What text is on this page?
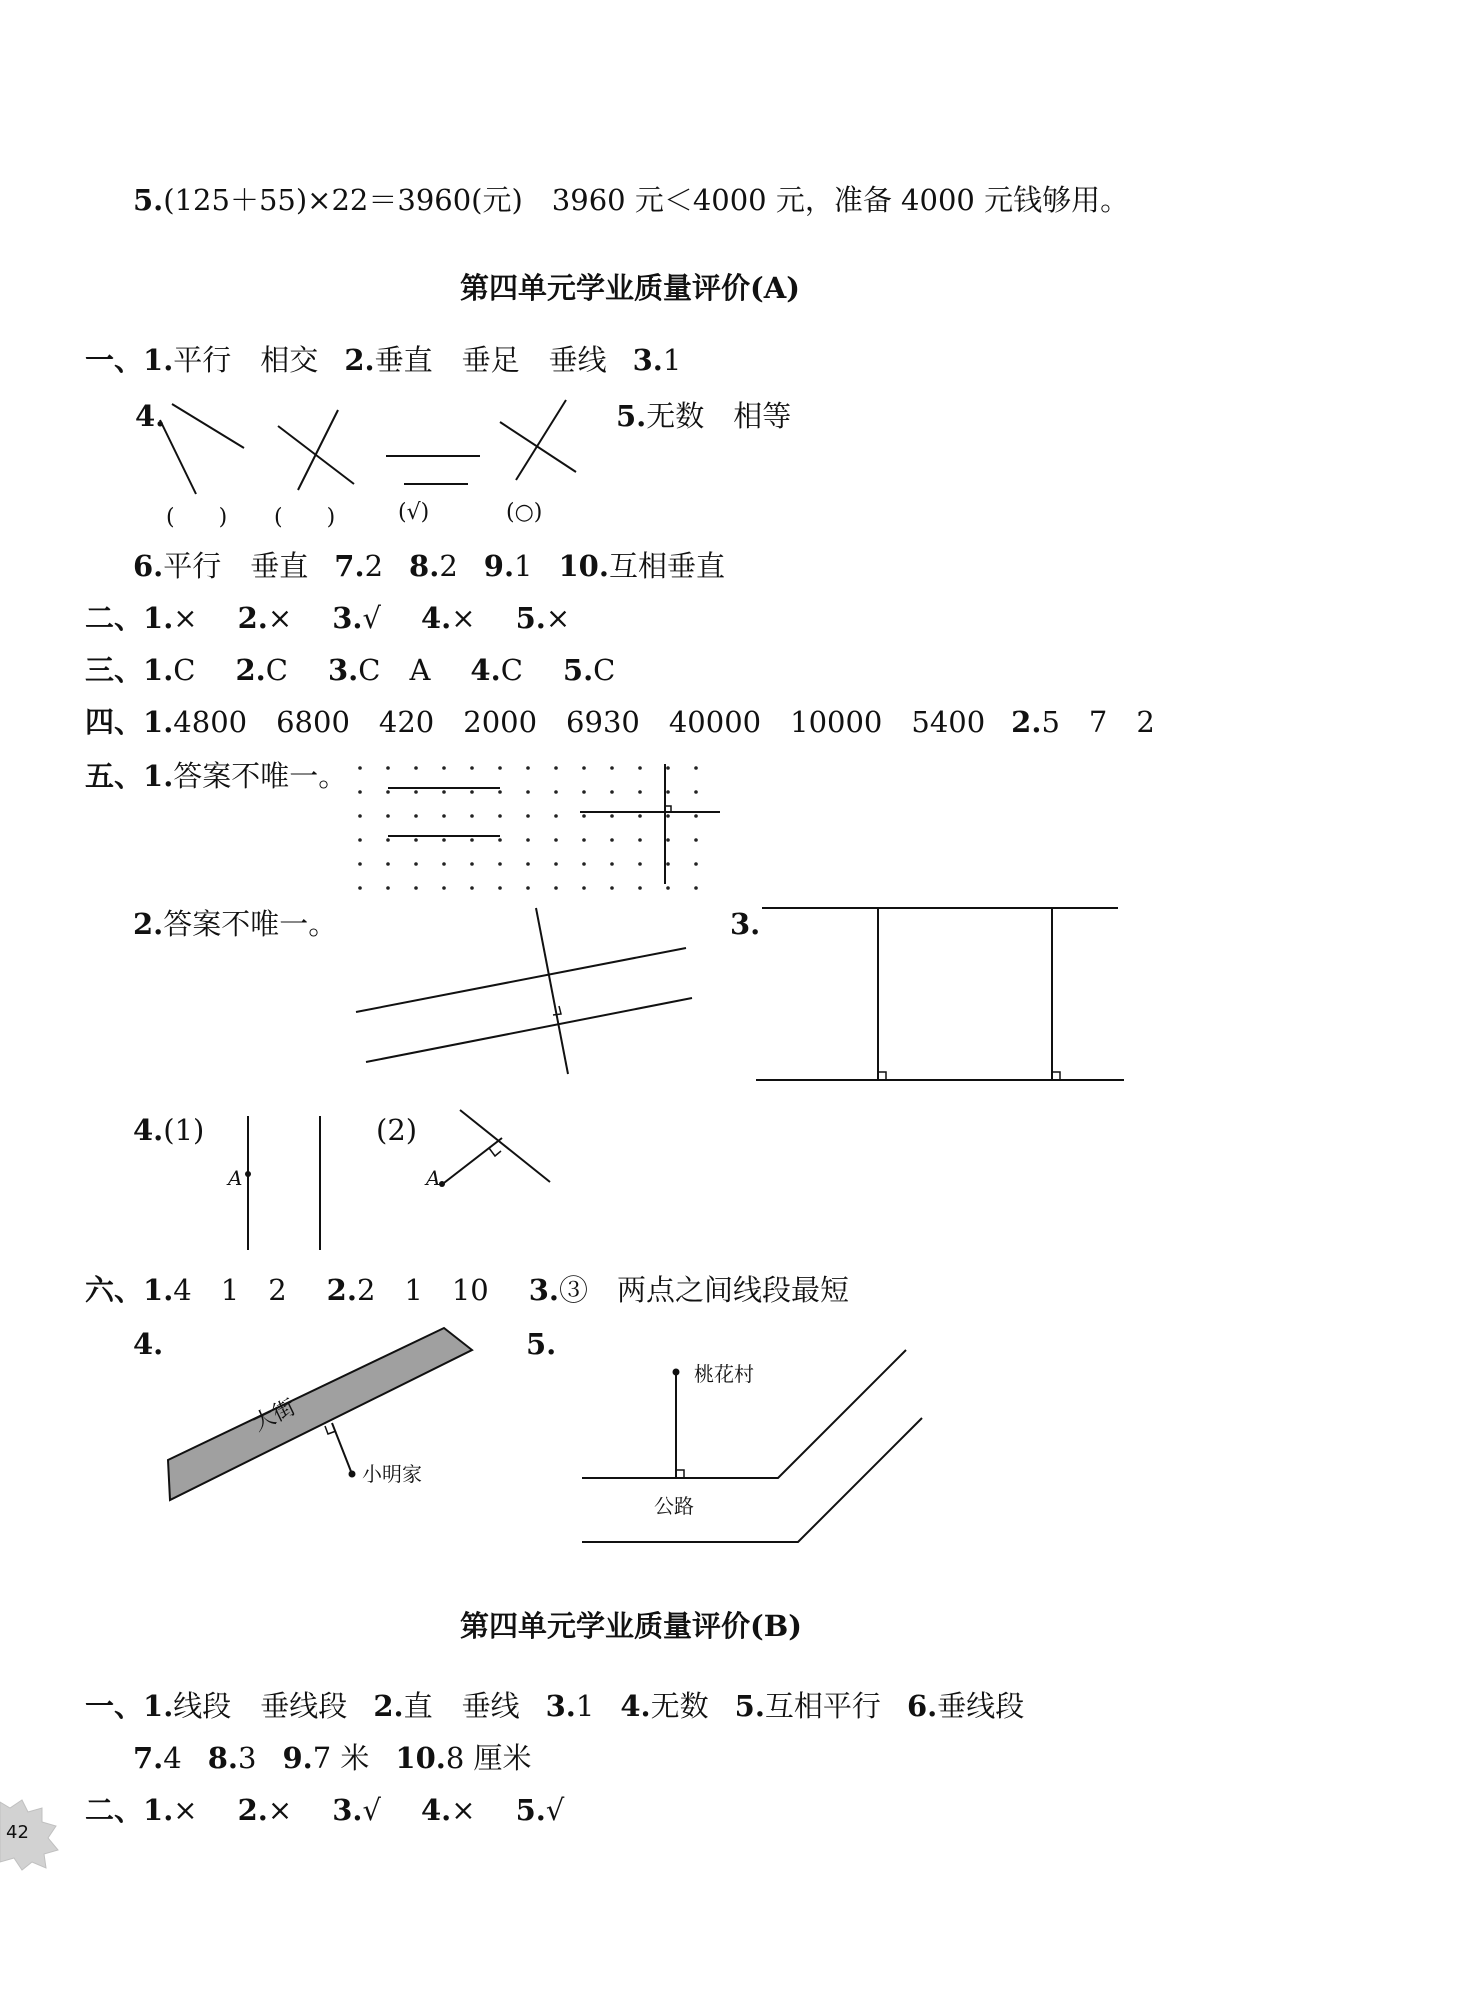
5.(125＋55)×22＝3960(元)　3960 元＜4000 元，准备 4000 元钱够用。
第四单元学业质量评价(A)
一、1.平行　相交 2.垂直　垂足　垂线 3.1
4.
(　　) (　　)	(√)	(○)
5.无数　相等
6.平行　垂直 7.2 8.2 9.1 10.互相垂直
二、1.× 2.× 3.√ 4.× 5.×
三、1.C 2.C 3.C　A 4.C 5.C
四、1.4800　6800　420　2000　6930　40000　10000　5400 2.5　7　2
五、1.答案不唯一。
2.答案不唯一。	3.
4.(1)	(2)
A	A
六、1.4　1　2 2.2　1　10 3.③　两点之间线段最短
4.	5.
大街
小明家
桃花村
公路
第四单元学业质量评价(B)
一、1.线段　垂线段 2.直　垂线 3.1 4.无数 5.互相平行 6.垂线段
7.4 8.3 9.7 米 10.8 厘米
二、1.× 2.× 3.√ 4.× 5.√
42
